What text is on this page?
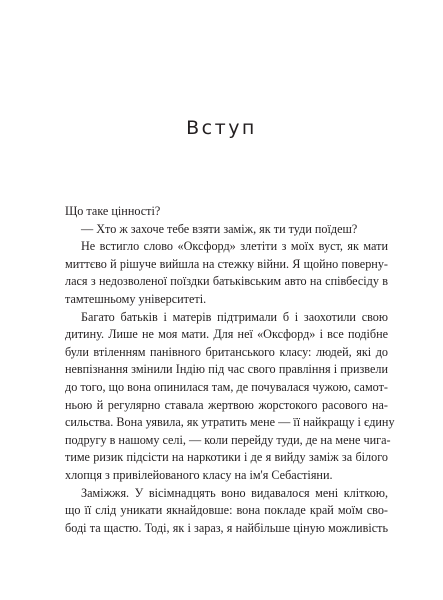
Вступ
Що таке цінності?
— Хто ж захоче тебе взяти заміж, як ти туди поїдеш?
Не встигло слово «Оксфорд» злетіти з моїх вуст, як мати
миттєво й рішуче вийшла на стежку війни. Я щойно поверну-
лася з недозволеної поїздки батьківським авто на співбесіду в
тамтешньому університеті.
Багато батьків і матерів підтримали б і заохотили свою
дитину. Лише не моя мати. Для неї «Оксфорд» і все подібне
були втіленням панівного британського класу: людей, які до
невпізнання змінили Індію під час свого правління і призвели
до того, що вона опинилася там, де почувалася чужою, самот-
ньою й регулярно ставала жертвою жорстокого расового на-
сильства. Вона уявила, як утратить мене — її найкращу і єдину
подругу в нашому селі, — коли перейду туди, де на мене чига-
тиме ризик підсісти на наркотики і де я вийду заміж за білого
хлопця з привілейованого класу на ім'я Себастіяни.
Заміжжя. У вісімнадцять воно видавалося мені кліткою,
що її слід уникати якнайдовше: вона покладе край моїм сво-
боді та щастю. Тоді, як і зараз, я найбільше ціную можливість
